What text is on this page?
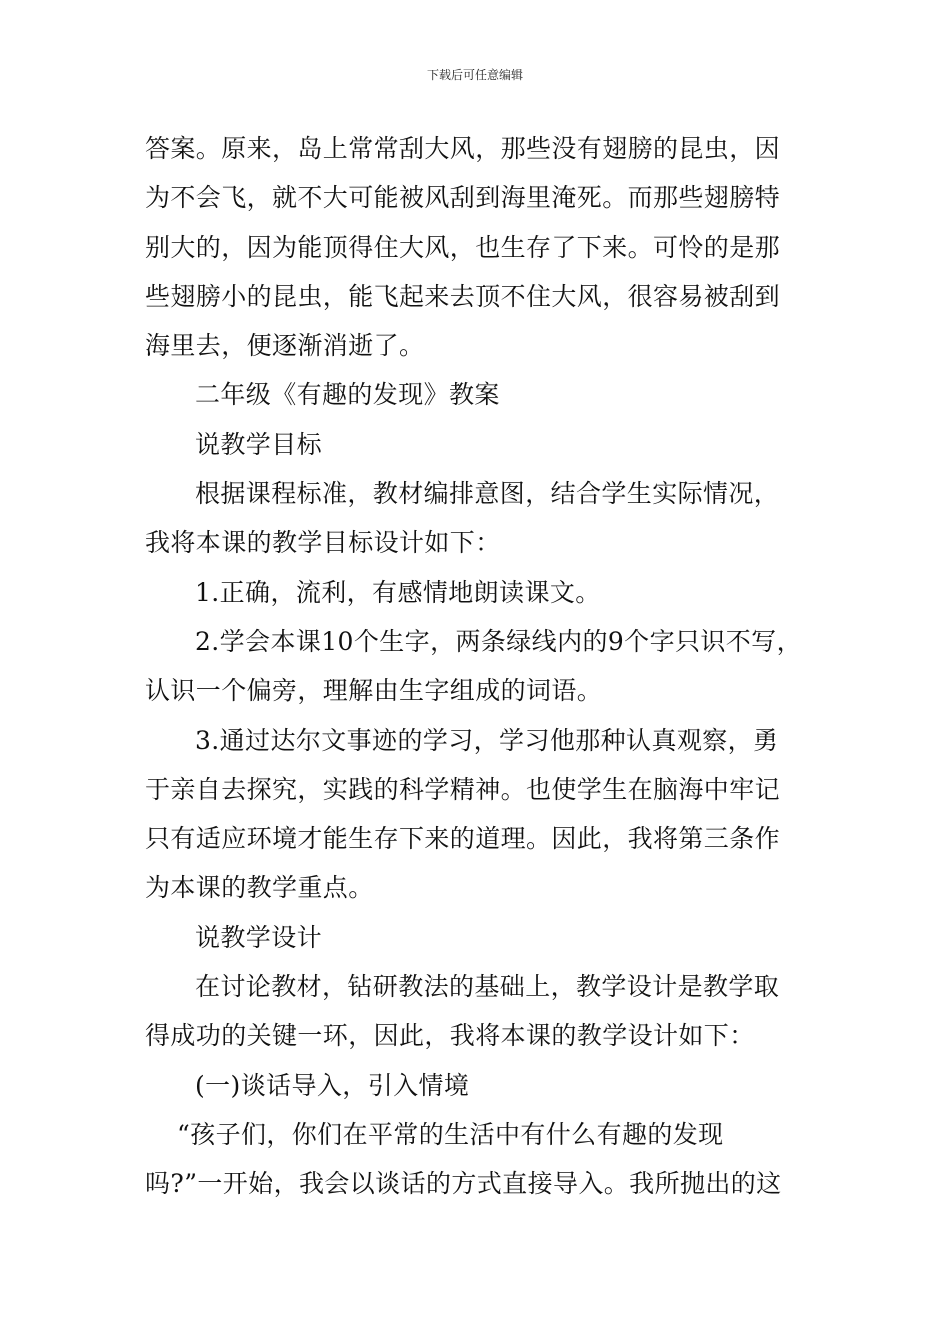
下载后可任意编辑
答案。原来，岛上常常刮大风，那些没有翅膀的昆虫，因
为不会飞，就不大可能被风刮到海里淹死。而那些翅膀特
别大的，因为能顶得住大风，也生存了下来。可怜的是那
些翅膀小的昆虫，能飞起来去顶不住大风，很容易被刮到
海里去，便逐渐消逝了。
二年级《有趣的发现》教案
说教学目标
根据课程标准，教材编排意图，结合学生实际情况，
我将本课的教学目标设计如下：
1.正确，流利，有感情地朗读课文。
2.学会本课10个生字，两条绿线内的9个字只识不写，
认识一个偏旁，理解由生字组成的词语。
3.通过达尔文事迹的学习，学习他那种认真观察，勇
于亲自去探究，实践的科学精神。也使学生在脑海中牢记
只有适应环境才能生存下来的道理。因此，我将第三条作
为本课的教学重点。
说教学设计
在讨论教材，钻研教法的基础上，教学设计是教学取
得成功的关键一环，因此，我将本课的教学设计如下：
(一)谈话导入，引入情境
“孩子们，你们在平常的生活中有什么有趣的发现
吗?”一开始，我会以谈话的方式直接导入。我所抛出的这
